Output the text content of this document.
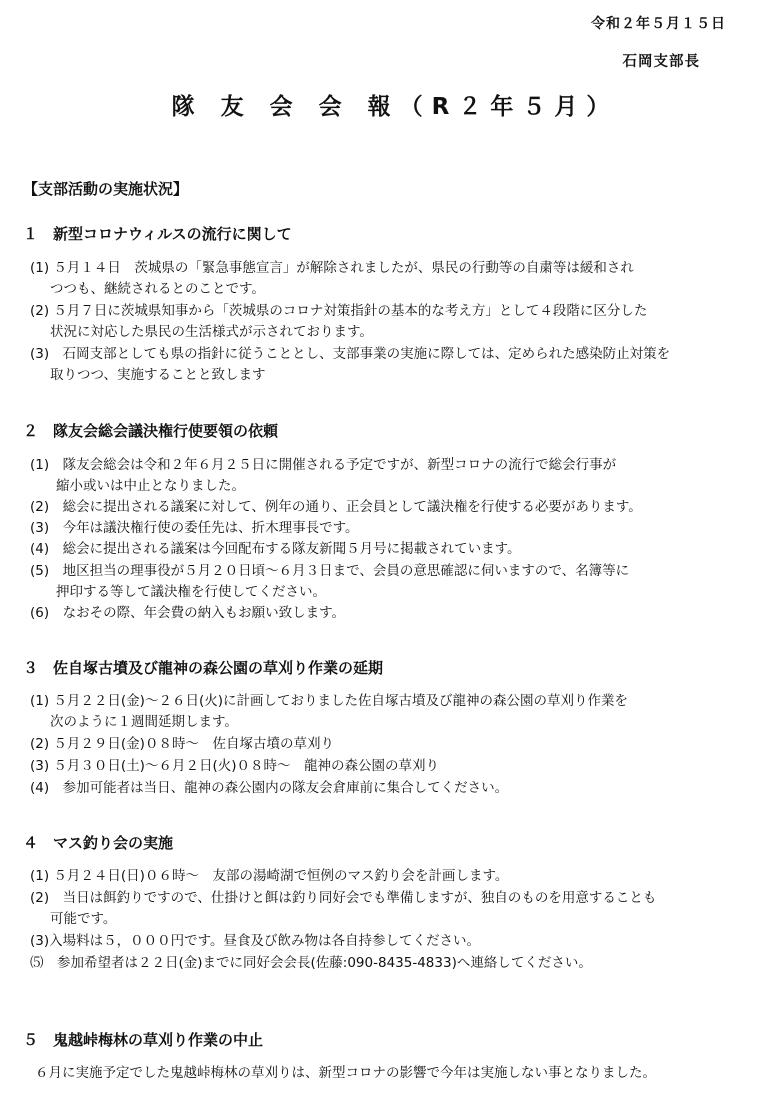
令和２年５月１５日
石岡支部長
隊 友 会 会 報（R２年５月）
【支部活動の実施状況】
１　新型コロナウィルスの流行に関して
(1) ５月１４日　茨城県の「緊急事態宣言」が解除されましたが、県民の行動等の自粛等は緩和され
つつも、継続されるとのことです。
(2) ５月７日に茨城県知事から「茨城県のコロナ対策指針の基本的な考え方」として４段階に区分した
状況に対応した県民の生活様式が示されております。
(3)　石岡支部としても県の指針に従うこととし、支部事業の実施に際しては、定められた感染防止対策を
取りつつ、実施することと致します
２　隊友会総会議決権行使要領の依頼
(1)　隊友会総会は令和２年６月２５日に開催される予定ですが、新型コロナの流行で総会行事が
縮小或いは中止となりました。
(2)　総会に提出される議案に対して、例年の通り、正会員として議決権を行使する必要があります。
(3)　今年は議決権行使の委任先は、折木理事長です。
(4)　総会に提出される議案は今回配布する隊友新聞５月号に掲載されています。
(5)　地区担当の理事役が５月２０日頃～６月３日まで、会員の意思確認に伺いますので、名簿等に
押印する等して議決権を行使してください。
(6)　なおその際、年会費の納入もお願い致します。
３　佐自塚古墳及び龍神の森公園の草刈り作業の延期
(1) ５月２２日(金)～２６日(火)に計画しておりました佐自塚古墳及び龍神の森公園の草刈り作業を
次のように１週間延期します。
(2) ５月２９日(金)０８時～　佐自塚古墳の草刈り
(3) ５月３０日(土)～６月２日(火)０８時～　龍神の森公園の草刈り
(4)　参加可能者は当日、龍神の森公園内の隊友会倉庫前に集合してください。
４　マス釣り会の実施
(1) ５月２４日(日)０６時～　友部の湯崎湖で恒例のマス釣り会を計画します。
(2)　当日は餌釣りですので、仕掛けと餌は釣り同好会でも準備しますが、独自のものを用意することも
可能です。
(3)入場料は５，０００円です。昼食及び飲み物は各自持参してください。
⑸　参加希望者は２２日(金)までに同好会会長(佐藤:090-8435-4833)へ連絡してください。
５　鬼越峠梅林の草刈り作業の中止
６月に実施予定でした鬼越峠梅林の草刈りは、新型コロナの影響で今年は実施しない事となりました。
